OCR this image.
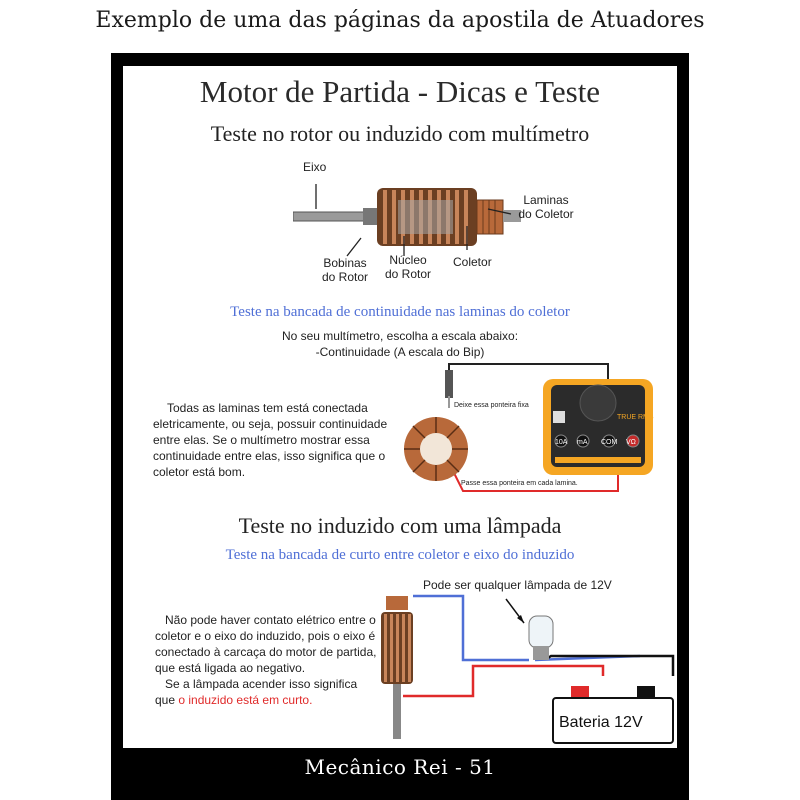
Exemplo de uma das páginas da apostila de Atuadores
Motor de Partida - Dicas e Teste
Teste no rotor ou induzido com multímetro
Eixo
Laminas
do Coletor
Bobinas
do Rotor
Núcleo
do Rotor
Coletor
Teste na bancada de continuidade nas laminas do coletor
No seu multímetro, escolha a escala abaixo:
-Continuidade (A escala do Bip)
10A mA COM VΩ
TRUE RMS
Deixe essa ponteira fixa
Passe essa ponteira em cada lamina.
Todas as laminas tem está conectada eletricamente, ou seja, possuir continuidade entre elas. Se o multímetro mostrar essa continuidade entre elas, isso significa que o coletor está bom.
Teste no induzido com uma lâmpada
Teste na bancada de curto entre coletor e eixo do induzido
Pode ser qualquer lâmpada de 12V
+	-
Bateria 12V
Não pode haver contato elétrico entre o coletor e o eixo do induzido, pois o eixo é conectado à carcaça do motor de partida, que está ligada ao negativo.
Se a lâmpada acender isso significa que o induzido está em curto.
Mecânico Rei - 51
